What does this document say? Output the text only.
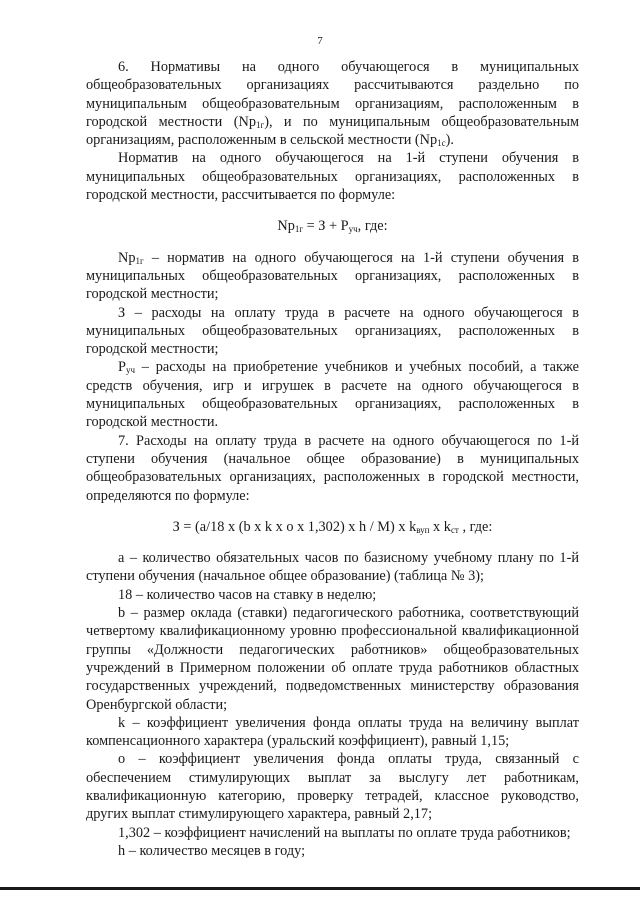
7

6. Нормативы на одного обучающегося в муниципальных общеобразовательных организациях рассчитываются раздельно по муниципальным общеобразовательным организациям, расположенным в городской местности $(Np_{1г})$, и по муниципальным общеобразовательным организациям, расположенным в сельской местности $(Np_{1с})$.

Норматив на одного обучающегося на 1-й ступени обучения в муниципальных общеобразовательных организациях, расположенных в городской местности, рассчитывается по формуле:

$Np_{1г} = З + Р_{уч}$, где:

$Np_{1г}$ – норматив на одного обучающегося на 1-й ступени обучения в муниципальных общеобразовательных организациях, расположенных в городской местности;

З – расходы на оплату труда в расчете на одного обучающегося в муниципальных общеобразовательных организациях, расположенных в городской местности;

$Р_{уч}$ – расходы на приобретение учебников и учебных пособий, а также средств обучения, игр и игрушек в расчете на одного обучающегося в муниципальных общеобразовательных организациях, расположенных в городской местности.

7. Расходы на оплату труда в расчете на одного обучающегося по 1-й ступени обучения (начальное общее образование) в муниципальных общеобразовательных организациях, расположенных в городской местности, определяются по формуле:

З = (а/18 x (b x k x o x 1,302) x h / M) x $k_{вуп}$ x $k_{ст}$ , где:

а – количество обязательных часов по базисному учебному плану по 1-й ступени обучения (начальное общее образование) (таблица № 3);

18 – количество часов на ставку в неделю;

b – размер оклада (ставки) педагогического работника, соответствующий четвертому квалификационному уровню профессиональной квалификационной группы «Должности педагогических работников» общеобразовательных учреждений в Примерном положении об оплате труда работников областных государственных учреждений, подведомственных министерству образования Оренбургской области;

k – коэффициент увеличения фонда оплаты труда на величину выплат компенсационного характера (уральский коэффициент), равный 1,15;

о – коэффициент увеличения фонда оплаты труда, связанный с обеспечением стимулирующих выплат за выслугу лет работникам, квалификационную категорию, проверку тетрадей, классное руководство, других выплат стимулирующего характера, равный 2,17;

1,302 – коэффициент начислений на выплаты по оплате труда работников;

h – количество месяцев в году;
